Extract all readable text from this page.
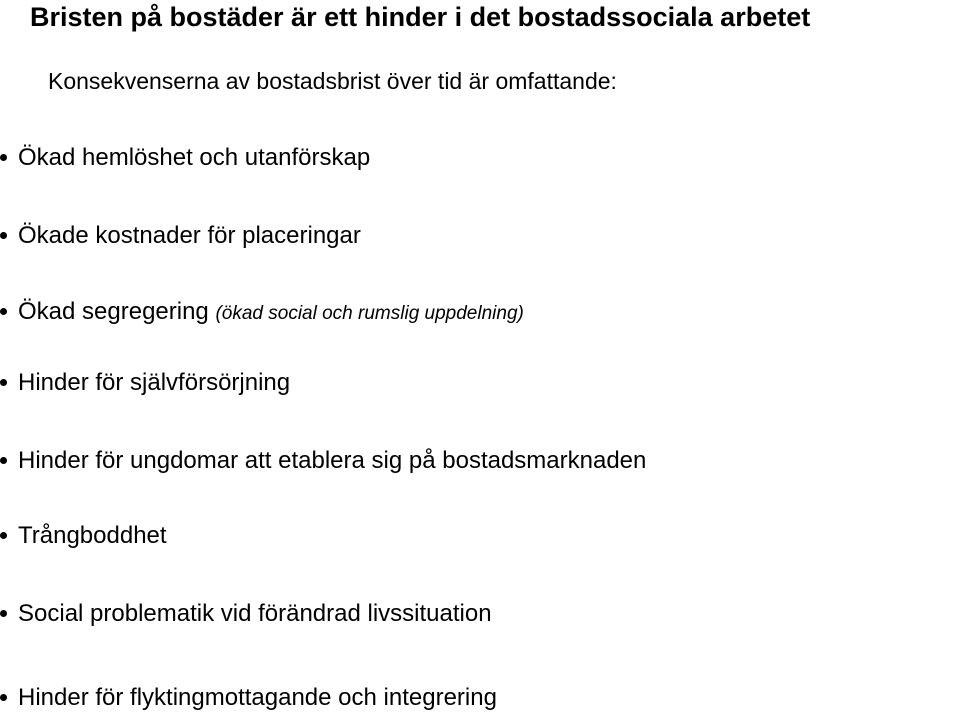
Bristen på bostäder är ett hinder i det bostadssociala arbetet
Konsekvenserna av bostadsbrist över tid är omfattande:
Ökad hemlöshet och utanförskap
Ökade kostnader för placeringar
Ökad segregering (ökad social och rumslig uppdelning)
Hinder för självförsörjning
Hinder för ungdomar att etablera sig på bostadsmarknaden
Trångboddhet
Social problematik vid förändrad livssituation
Hinder för flyktingmottagande och integrering
